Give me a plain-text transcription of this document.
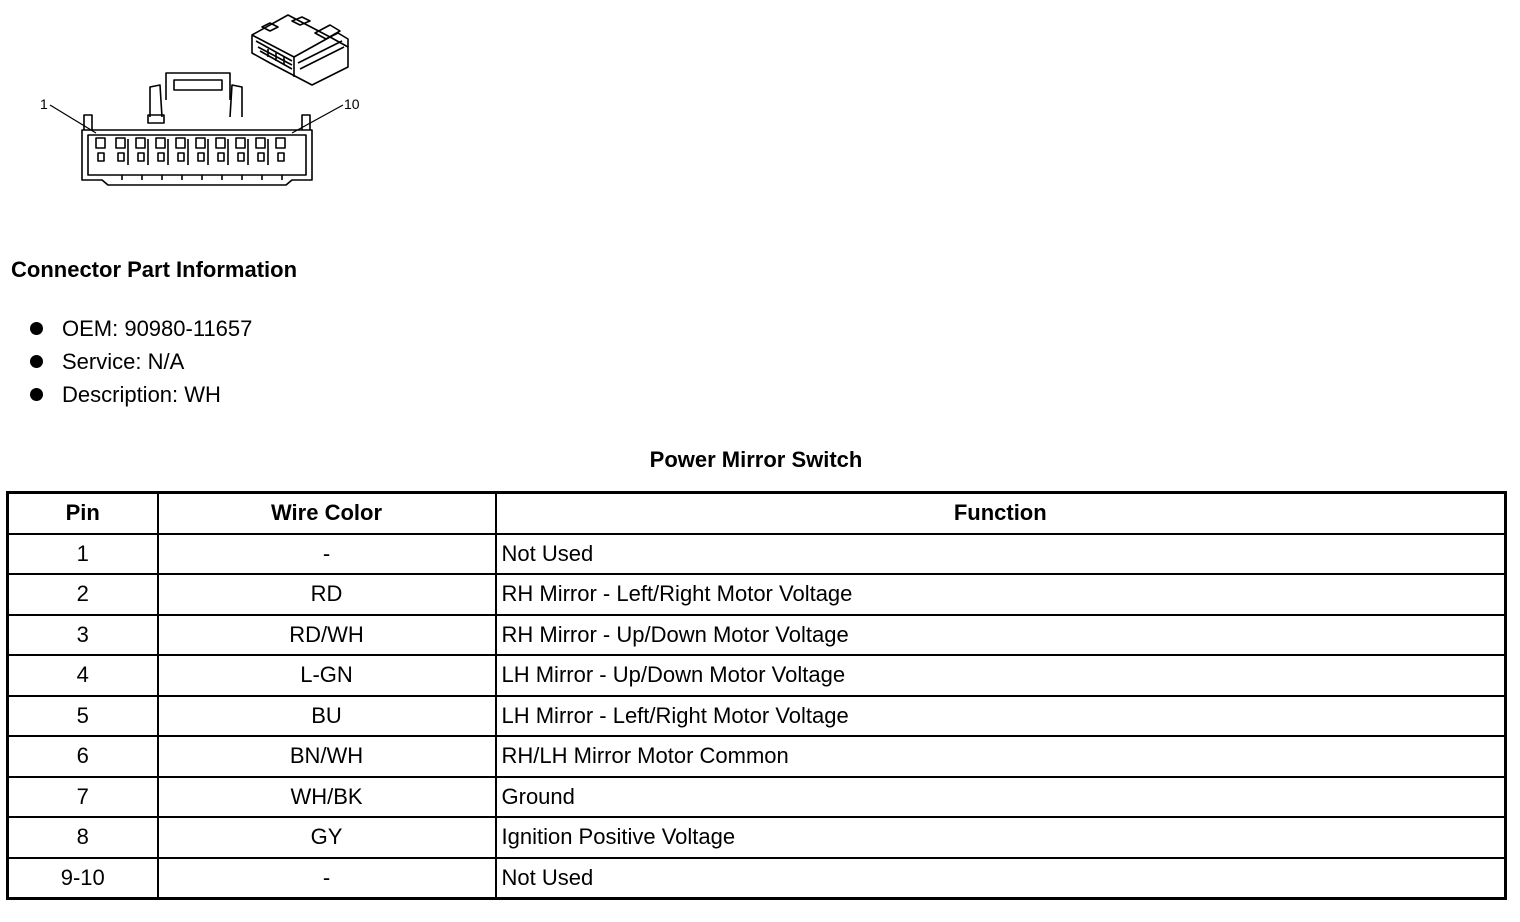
1	10
Connector Part Information
OEM: 90980-11657
Service: N/A
Description: WH
Power Mirror Switch
Pin	Wire Color	Function
1	-	Not Used
2	RD	RH Mirror - Left/Right Motor Voltage
3	RD/WH	RH Mirror - Up/Down Motor Voltage
4	L-GN	LH Mirror - Up/Down Motor Voltage
5	BU	LH Mirror - Left/Right Motor Voltage
6	BN/WH	RH/LH Mirror Motor Common
7	WH/BK	Ground
8	GY	Ignition Positive Voltage
9-10	-	Not Used
